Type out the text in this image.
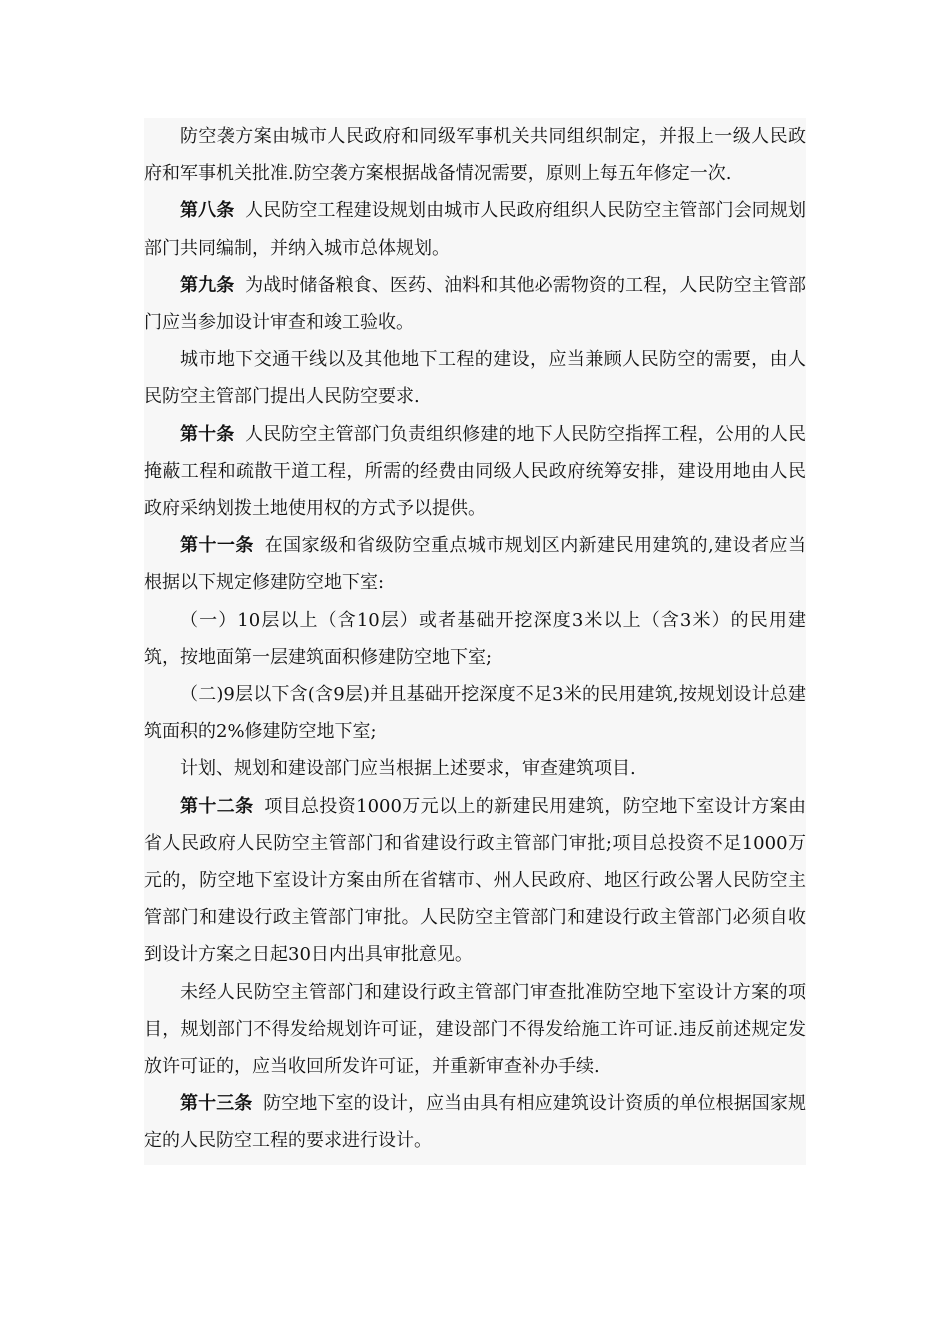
防空袭方案由城市人民政府和同级军事机关共同组织制定，并报上一级人民政府和军事机关批准.防空袭方案根据战备情况需要，原则上每五年修定一次.

第八条 人民防空工程建设规划由城市人民政府组织人民防空主管部门会同规划部门共同编制，并纳入城市总体规划。

第九条 为战时储备粮食、医药、油料和其他必需物资的工程，人民防空主管部门应当参加设计审查和竣工验收。

城市地下交通干线以及其他地下工程的建设，应当兼顾人民防空的需要，由人民防空主管部门提出人民防空要求.

第十条 人民防空主管部门负责组织修建的地下人民防空指挥工程，公用的人民掩蔽工程和疏散干道工程，所需的经费由同级人民政府统筹安排，建设用地由人民政府采纳划拨土地使用权的方式予以提供。

第十一条 在国家级和省级防空重点城市规划区内新建民用建筑的,建设者应当根据以下规定修建防空地下室:

（一）10层以上（含10层）或者基础开挖深度3米以上（含3米）的民用建筑，按地面第一层建筑面积修建防空地下室;

（二)9层以下含(含9层)并且基础开挖深度不足3米的民用建筑,按规划设计总建筑面积的2%修建防空地下室;

计划、规划和建设部门应当根据上述要求，审查建筑项目.

第十二条 项目总投资1000万元以上的新建民用建筑，防空地下室设计方案由省人民政府人民防空主管部门和省建设行政主管部门审批;项目总投资不足1000万元的，防空地下室设计方案由所在省辖市、州人民政府、地区行政公署人民防空主管部门和建设行政主管部门审批。人民防空主管部门和建设行政主管部门必须自收到设计方案之日起30日内出具审批意见。

未经人民防空主管部门和建设行政主管部门审查批准防空地下室设计方案的项目，规划部门不得发给规划许可证，建设部门不得发给施工许可证.违反前述规定发放许可证的，应当收回所发许可证，并重新审查补办手续.

第十三条 防空地下室的设计，应当由具有相应建筑设计资质的单位根据国家规定的人民防空工程的要求进行设计。
